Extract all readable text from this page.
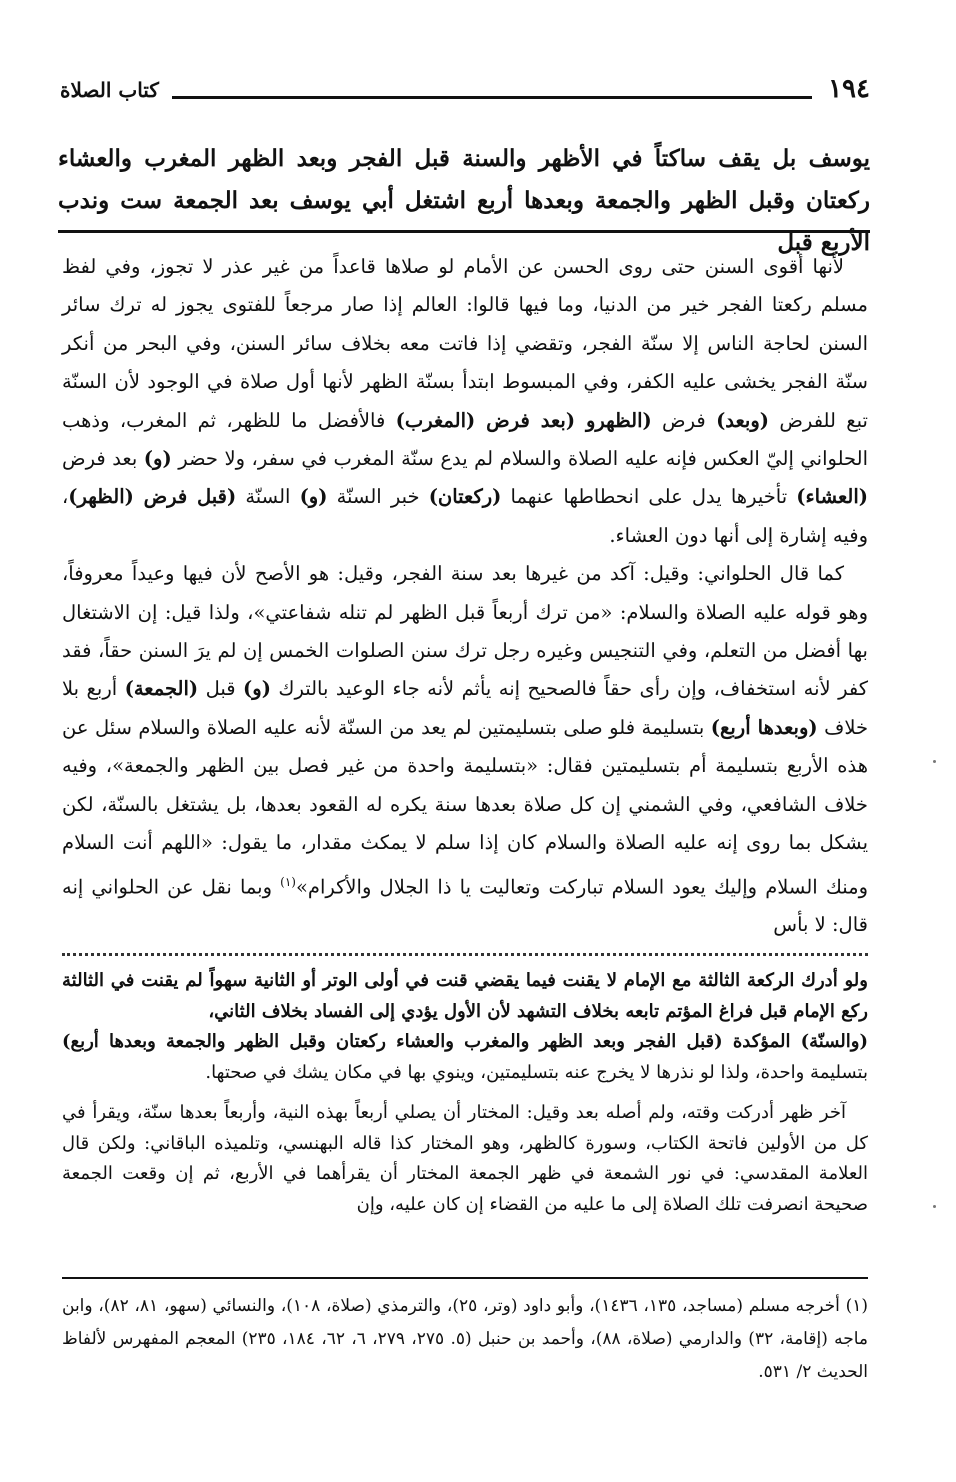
١٩٤
كتاب الصلاة
يوسف بل يقف ساكتاً في الأظهر والسنة قبل الفجر وبعد الظهر المغرب والعشاء ركعتان وقبل الظهر والجمعة وبعدها أربع اشتغل أبي يوسف بعد الجمعة ست وندب الأربع قبل

لأنها أقوى السنن حتى روى الحسن عن الأمام لو صلاها قاعداً من غير عذر لا تجوز، وفي لفظ مسلم ركعتا الفجر خير من الدنيا، وما فيها قالوا: العالم إذا صار مرجعاً للفتوى يجوز له ترك سائر السنن لحاجة الناس إلا سنّة الفجر، وتقضي إذا فاتت معه بخلاف سائر السنن، وفي البحر من أنكر سنّة الفجر يخشى عليه الكفر، وفي المبسوط ابتدأ بسنّة الظهر لأنها أول صلاة في الوجود لأن السنّة تبع للفرض (وبعد) فرض (الظهرو (بعد فرض (المغرب) فالأفضل ما للظهر، ثم المغرب، وذهب الحلواني إليّ العكس فإنه عليه الصلاة والسلام لم يدع سنّة المغرب في سفر، ولا حضر (و) بعد فرض (العشاء) تأخيرها يدل على انحطاطها عنهما (ركعتان) خبر السنّة (و) السنّة (قبل فرض (الظهر)، وفيه إشارة إلى أنها دون العشاء.

كما قال الحلواني: وقيل: آكد من غيرها بعد سنة الفجر، وقيل: هو الأصح لأن فيها وعيداً معروفاً، وهو قوله عليه الصلاة والسلام: «من ترك أربعاً قبل الظهر لم تنله شفاعتي»، ولذا قيل: إن الاشتغال بها أفضل من التعلم، وفي التنجيس وغيره رجل ترك سنن الصلوات الخمس إن لم يرَ السنن حقاً، فقد كفر لأنه استخفاف، وإن رأى حقاً فالصحيح إنه يأثم لأنه جاء الوعيد بالترك (و) قبل (الجمعة) أربع بلا خلاف (وبعدها أربع) بتسليمة فلو صلى بتسليمتين لم يعد من السنّة لأنه عليه الصلاة والسلام سئل عن هذه الأربع بتسليمة أم بتسليمتين فقال: «بتسليمة واحدة من غير فصل بين الظهر والجمعة»، وفيه خلاف الشافعي، وفي الشمني إن كل صلاة بعدها سنة يكره له القعود بعدها، بل يشتغل بالسنّة، لكن يشكل بما روى إنه عليه الصلاة والسلام كان إذا سلم لا يمكث مقدار، ما يقول: «اللهم أنت السلام ومنك السلام وإليك يعود السلام تباركت وتعاليت يا ذا الجلال والأكرام»$^{(١)}$ وبما نقل عن الحلواني إنه قال: لا بأس

ولو أدرك الركعة الثالثة مع الإمام لا يقنت فيما يقضي قنت في أولى الوتر أو الثانية سهواً لم يقنت في الثالثة ركع الإمام قبل فراغ المؤتم تابعه بخلاف التشهد لأن الأول يؤدي إلى الفساد بخلاف الثاني،

(والسنّة) المؤكدة (قبل الفجر وبعد الظهر والمغرب والعشاء ركعتان وقبل الظهر والجمعة وبعدها أربع) بتسليمة واحدة، ولذا لو نذرها لا يخرج عنه بتسليمتين، وينوي بها في مكان يشك في صحتها.

آخر ظهر أدركت وقته، ولم أصله بعد وقيل: المختار أن يصلي أربعاً بهذه النية، وأربعاً بعدها سنّة، ويقرأ في كل من الأولين فاتحة الكتاب، وسورة كالظهر، وهو المختار كذا قاله البهنسي، وتلميذه الباقاني: ولكن قال العلامة المقدسي: في نور الشمعة في ظهر الجمعة المختار أن يقرأهما في الأربع، ثم إن وقعت الجمعة صحيحة انصرفت تلك الصلاة إلى ما عليه من القضاء إن كان عليه، وإن

(١) أخرجه مسلم (مساجد، ١٣٥، ١٤٣٦)، وأبو داود (وتر، ٢٥)، والترمذي (صلاة، ١٠٨)، والنسائي (سهو، ٨١، ٨٢)، وابن ماجه (إقامة، ٣٢) والدارمي (صلاة، ٨٨)، وأحمد بن حنبل (٥. ٢٧٥، ٢٧٩، ٦، ٦٢، ١٨٤، ٢٣٥) المعجم المفهرس لألفاظ الحديث ٢/ ٥٣١.
